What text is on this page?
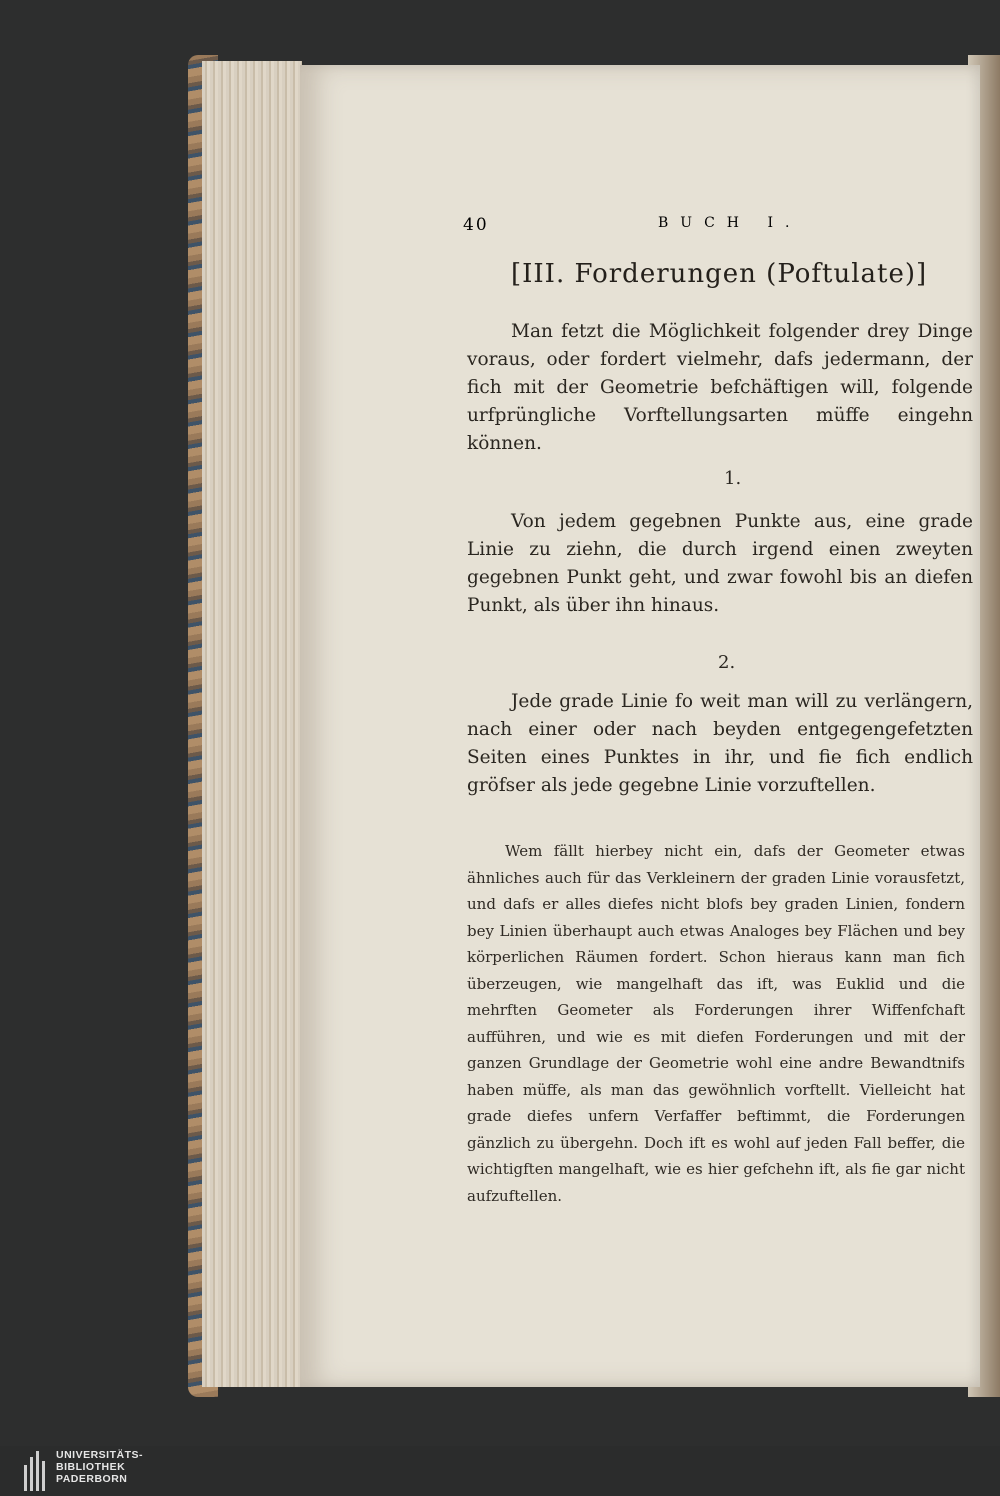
40	BUCH I.
[III. Forderungen (Poftulate)]

Man fetzt die Möglichkeit folgender drey Dinge voraus, oder fordert vielmehr, dafs jedermann, der fich mit der Geometrie befchäftigen will, folgende urfprüngliche Vorftellungsarten müffe eingehn können.

1.

Von jedem gegebnen Punkte aus, eine grade Linie zu ziehn, die durch irgend einen zweyten gegebnen Punkt geht, und zwar fowohl bis an diefen Punkt, als über ihn hinaus.

2.

Jede grade Linie fo weit man will zu verlängern, nach einer oder nach beyden entgegengefetzten Seiten eines Punktes in ihr, und fie fich endlich gröfser als jede gegebne Linie vorzuftellen.

Wem fällt hierbey nicht ein, dafs der Geometer etwas ähnliches auch für das Verkleinern der graden Linie vorausfetzt, und dafs er alles diefes nicht blofs bey graden Linien, fondern bey Linien überhaupt auch etwas Analoges bey Flächen und bey körperlichen Räumen fordert. Schon hieraus kann man fich überzeugen, wie mangelhaft das ift, was Euklid und die mehrften Geometer als Forderungen ihrer Wiffenfchaft aufführen, und wie es mit diefen Forderungen und mit der ganzen Grundlage der Geometrie wohl eine andre Bewandtnifs haben müffe, als man das gewöhnlich vorftellt. Vielleicht hat grade diefes unfern Verfaffer beftimmt, die Forderungen gänzlich zu übergehn. Doch ift es wohl auf jeden Fall beffer, die wichtigften mangelhaft, wie es hier gefchehn ift, als fie gar nicht aufzuftellen.

UNIVERSITÄTS-
BIBLIOTHEK
PADERBORN
